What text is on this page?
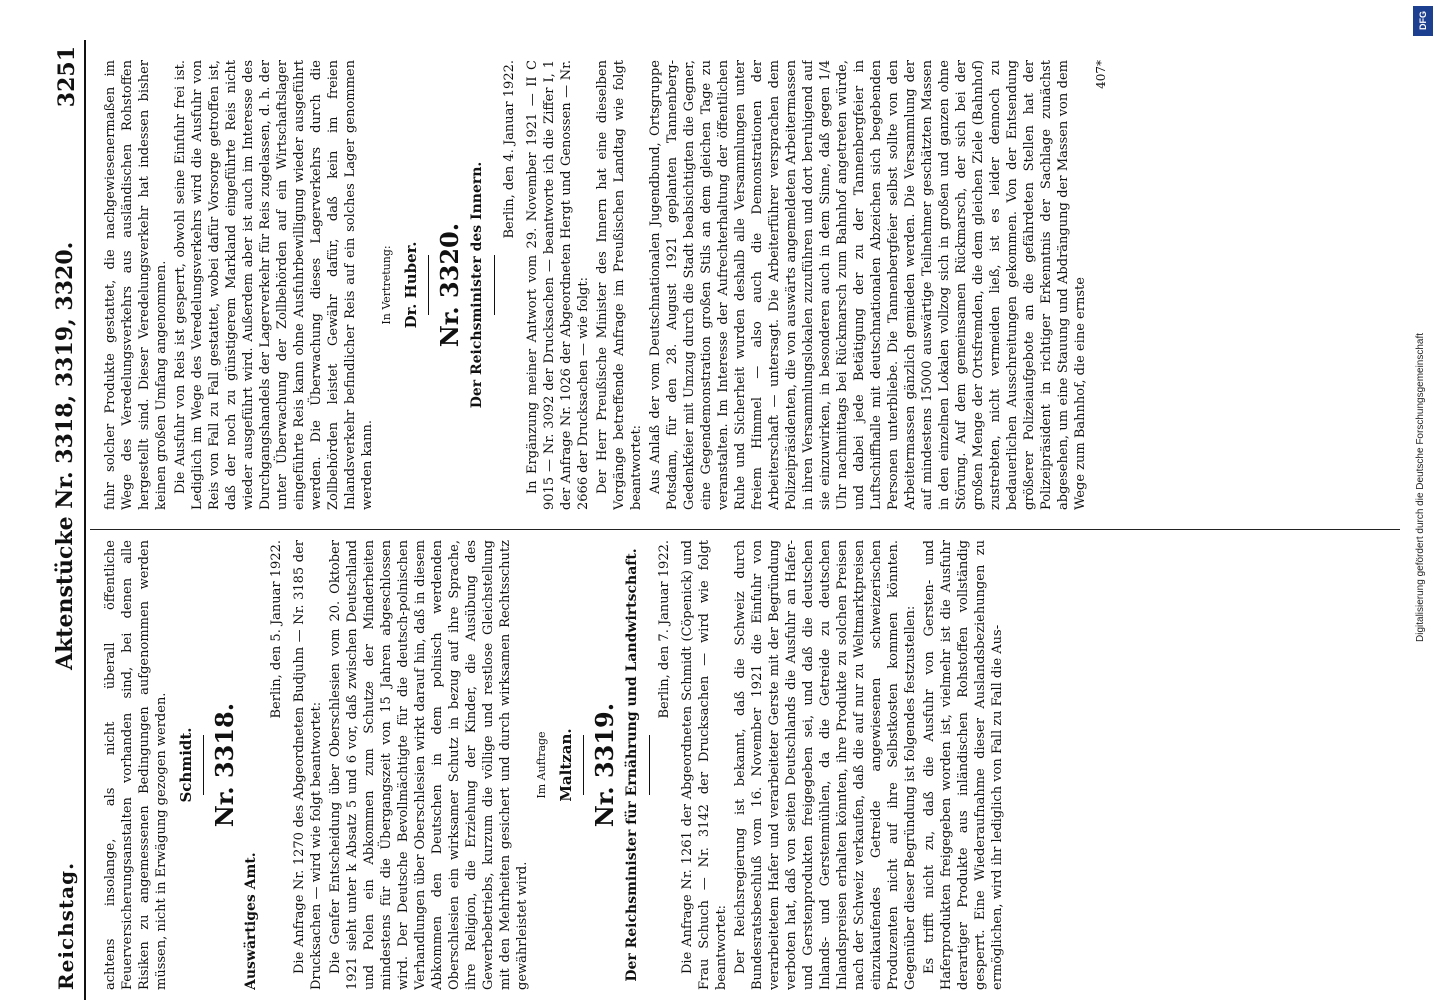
Reichstag.
Aktenstücke Nr. 3318, 3319, 3320.
3251

achtens insolange, als nicht überall öffentliche Feuerversicherungsanstalten vorhanden sind, bei denen alle Risiken zu angemessenen Bedingungen aufgenommen werden müssen, nicht in Erwägung gezogen werden. Schmidt. Nr. 3318.
Auswärtiges Amt.
Berlin, den 5. Januar 1922. Die Anfrage Nr. 1270 des Abgeordneten Budjuhn — Nr. 3185 der Drucksachen — wird wie folgt beantwortet: Die Genfer Entscheidung über Oberschlesien vom 20. Oktober 1921 sieht unter k Absatz 5 und 6 vor, daß zwischen Deutschland und Polen ein Abkommen zum Schutze der Minderheiten mindestens für die Übergangszeit von 15 Jahren abgeschlossen wird. Der Deutsche Bevollmächtigte für die deutsch-polnischen Verhandlungen über Oberschlesien wirkt darauf hin, daß in diesem Abkommen den Deutschen in dem polnisch werdenden Oberschlesien ein wirksamer Schutz in bezug auf ihre Sprache, ihre Religion, die Erziehung der Kinder, die Ausübung des Gewerbebetriebs, kurzum die völlige und restlose Gleichstellung mit den Mehrheiten gesichert und durch wirksamen Rechtsschutz gewährleistet wird.

Im Auftrage Maltzan. Nr. 3319. Der Reichsminister für Ernährung und Landwirtschaft. Berlin, den 7. Januar 1922. Die Anfrage Nr. 1261 der Abgeordneten Schmidt (Cöpenick) und Frau Schuch — Nr. 3142 der Drucksachen — wird wie folgt beantwortet: Der Reichsregierung ist bekannt, daß die Schweiz durch Bundesratsbeschluß vom 16. November 1921 die Einfuhr von verarbeitetem Hafer und verarbeiteter Gerste mit der Begründung verboten hat, daß von seiten Deutschlands die Ausfuhr an Hafer- und Gerstenprodukten freigegeben sei, und daß die deutschen Inlands- und Gerstenmühlen, da die Getreide zu deutschen Inlandspreisen erhalten könnten, ihre Produkte zu solchen Preisen nach der Schweiz verkaufen, daß die auf nur zu Weltmarktpreisen einzukaufendes Getreide angewiesenen schweizerischen Produzenten nicht auf ihre Selbstkosten kommen könnten. Gegenüber dieser Begründung ist folgendes festzustellen: Es trifft nicht zu, daß die Ausfuhr von Gersten- und Haferprodukten freigegeben worden ist, vielmehr ist die Ausfuhr derartiger Produkte aus inländischen Rohstoffen vollständig gesperrt. Eine Wiederaufnahme dieser Auslandsbeziehungen zu ermöglichen, wird ihr lediglich von Fall zu Fall die Aus-

fuhr solcher Produkte gestattet, die nachgewiesenermaßen im Wege des Veredelungsverkehrs aus ausländischen Rohstoffen hergestellt sind. Dieser Veredelungsverkehr hat indessen bisher keinen großen Umfang angenommen. Die Ausfuhr von Reis ist gesperrt, obwohl seine Einfuhr frei ist. Lediglich im Wege des Veredelungsverkehrs wird die Ausfuhr von Reis von Fall zu Fall gestattet, wobei dafür Vorsorge getroffen ist, daß der noch zu günstigerem Markland eingeführte Reis nicht wieder ausgeführt wird. Außerdem aber ist auch im Interesse des Durchgangshandels der Lagerverkehr für Reis zugelassen, d. h. der unter Überwachung der Zollbehörden auf ein Wirtschaftslager eingeführte Reis kann ohne Ausfuhrbewilligung wieder ausgeführt werden. Die Überwachung dieses Lagerverkehrs durch die Zollbehörden leistet Gewähr dafür, daß kein im freien Inlandsverkehr befindlicher Reis auf ein solches Lager genommen werden kann.

In Vertretung: Dr. Huber. Nr. 3320. Der Reichsminister des Innern.
Berlin, den 4. Januar 1922. In Ergänzung meiner Antwort vom 29. November 1921 — II C 9015 — Nr. 3092 der Drucksachen — beantworte ich die Ziffer I, 1 der Anfrage Nr. 1026 der Abgeordneten Hergt und Genossen — Nr. 2666 der Drucksachen — wie folgt: Der Herr Preußische Minister des Innern hat eine dieselben Vorgänge betreffende Anfrage im Preußischen Landtag wie folgt beantwortet: Aus Anlaß der vom Deutschnationalen Jugendbund, Ortsgruppe Potsdam, für den 28. August 1921 geplanten Tannenberg-Gedenkfeier mit Umzug durch die Stadt beabsichtigten die Gegner, eine Gegendemonstration großen Stils an dem gleichen Tage zu veranstalten. Im Interesse der Aufrechterhaltung der öffentlichen Ruhe und Sicherheit wurden deshalb alle Versammlungen unter freiem Himmel — also auch die Demonstrationen der Arbeiterschaft — untersagt. Die Arbeiterführer versprachen dem Polizeipräsidenten, die von auswärts angemeldeten Arbeitermassen in ihren Versammlungslokalen zuzuführen und dort beruhigend auf sie einzuwirken, in besonderen auch in dem Sinne, daß gegen 1/4 Uhr nachmittags bei Rückmarsch zum Bahnhof angetreten würde, und dabei jede Betätigung der zu der Tannenbergfeier in Luftschiffhalle mit deutschnationalen Abzeichen sich begebenden Personen unterbliebe. Die Tannenbergfeier selbst sollte von den Arbeitermassen gänzlich gemieden werden. Die Versammlung der auf mindestens 15000 auswärtige Teilnehmer geschätzten Massen in den einzelnen Lokalen vollzog sich in großen und ganzen ohne Störung. Auf dem gemeinsamen Rückmarsch, der sich bei der großen Menge der Ortsfremden, die dem gleichen Ziele (Bahnhof) zustrebten, nicht vermeiden ließ, ist es leider dennoch zu bedauerlichen Ausschreitungen gekommen. Von der Entsendung größerer Polizeiaufgebote an die gefährdeten Stellen hat der Polizeipräsident in richtiger Erkenntnis der Sachlage zunächst abgesehen, um eine Stauung und Abdrängung der Massen von dem Wege zum Bahnhof, die eine ernste

407*
DFG
Digitalisierung gefördert durch die Deutsche Forschungsgemeinschaft
